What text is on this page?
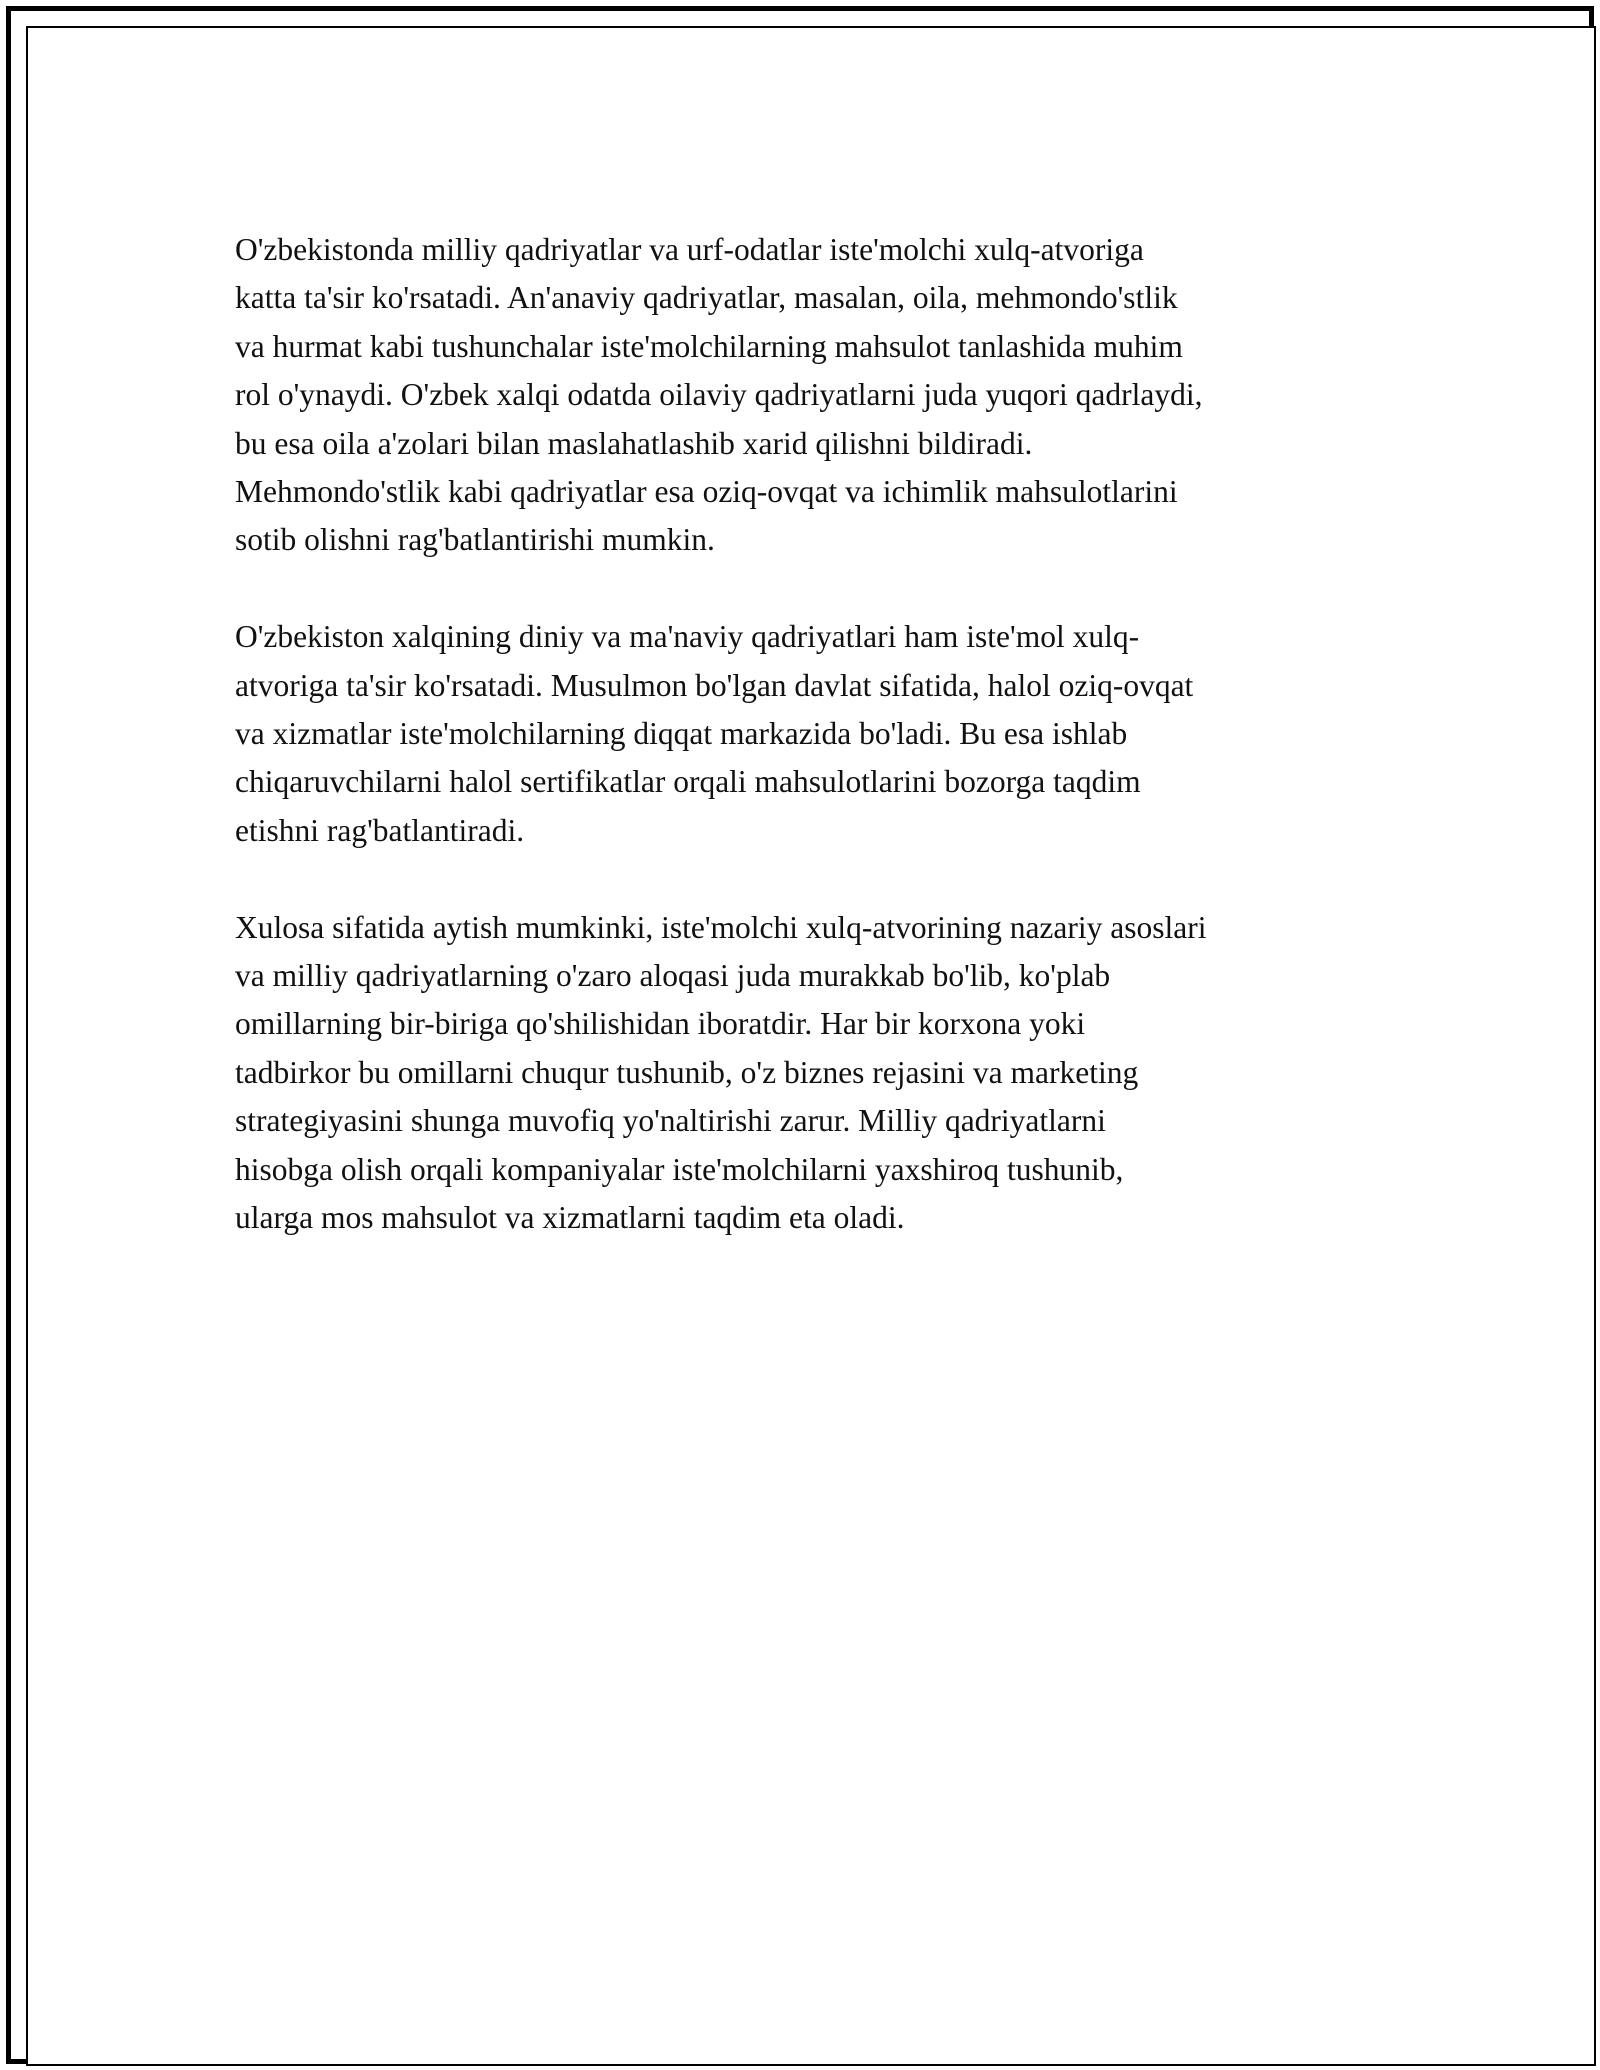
O'zbekistonda milliy qadriyatlar va urf-odatlar iste'molchi xulq-atvoriga
katta ta'sir ko'rsatadi. An'anaviy qadriyatlar, masalan, oila, mehmondo'stlik
va hurmat kabi tushunchalar iste'molchilarning mahsulot tanlashida muhim
rol o'ynaydi. O'zbek xalqi odatda oilaviy qadriyatlarni juda yuqori qadrlaydi,
bu esa oila a'zolari bilan maslahatlashib xarid qilishni bildiradi.
Mehmondo'stlik kabi qadriyatlar esa oziq-ovqat va ichimlik mahsulotlarini
sotib olishni rag'batlantirishi mumkin.

O'zbekiston xalqining diniy va ma'naviy qadriyatlari ham iste'mol xulq-
atvoriga ta'sir ko'rsatadi. Musulmon bo'lgan davlat sifatida, halol oziq-ovqat
va xizmatlar iste'molchilarning diqqat markazida bo'ladi. Bu esa ishlab
chiqaruvchilarni halol sertifikatlar orqali mahsulotlarini bozorga taqdim
etishni rag'batlantiradi.

Xulosa sifatida aytish mumkinki, iste'molchi xulq-atvorining nazariy asoslari
va milliy qadriyatlarning o'zaro aloqasi juda murakkab bo'lib, ko'plab
omillarning bir-biriga qo'shilishidan iboratdir. Har bir korxona yoki
tadbirkor bu omillarni chuqur tushunib, o'z biznes rejasini va marketing
strategiyasini shunga muvofiq yo'naltirishi zarur. Milliy qadriyatlarni
hisobga olish orqali kompaniyalar iste'molchilarni yaxshiroq tushunib,
ularga mos mahsulot va xizmatlarni taqdim eta oladi.
